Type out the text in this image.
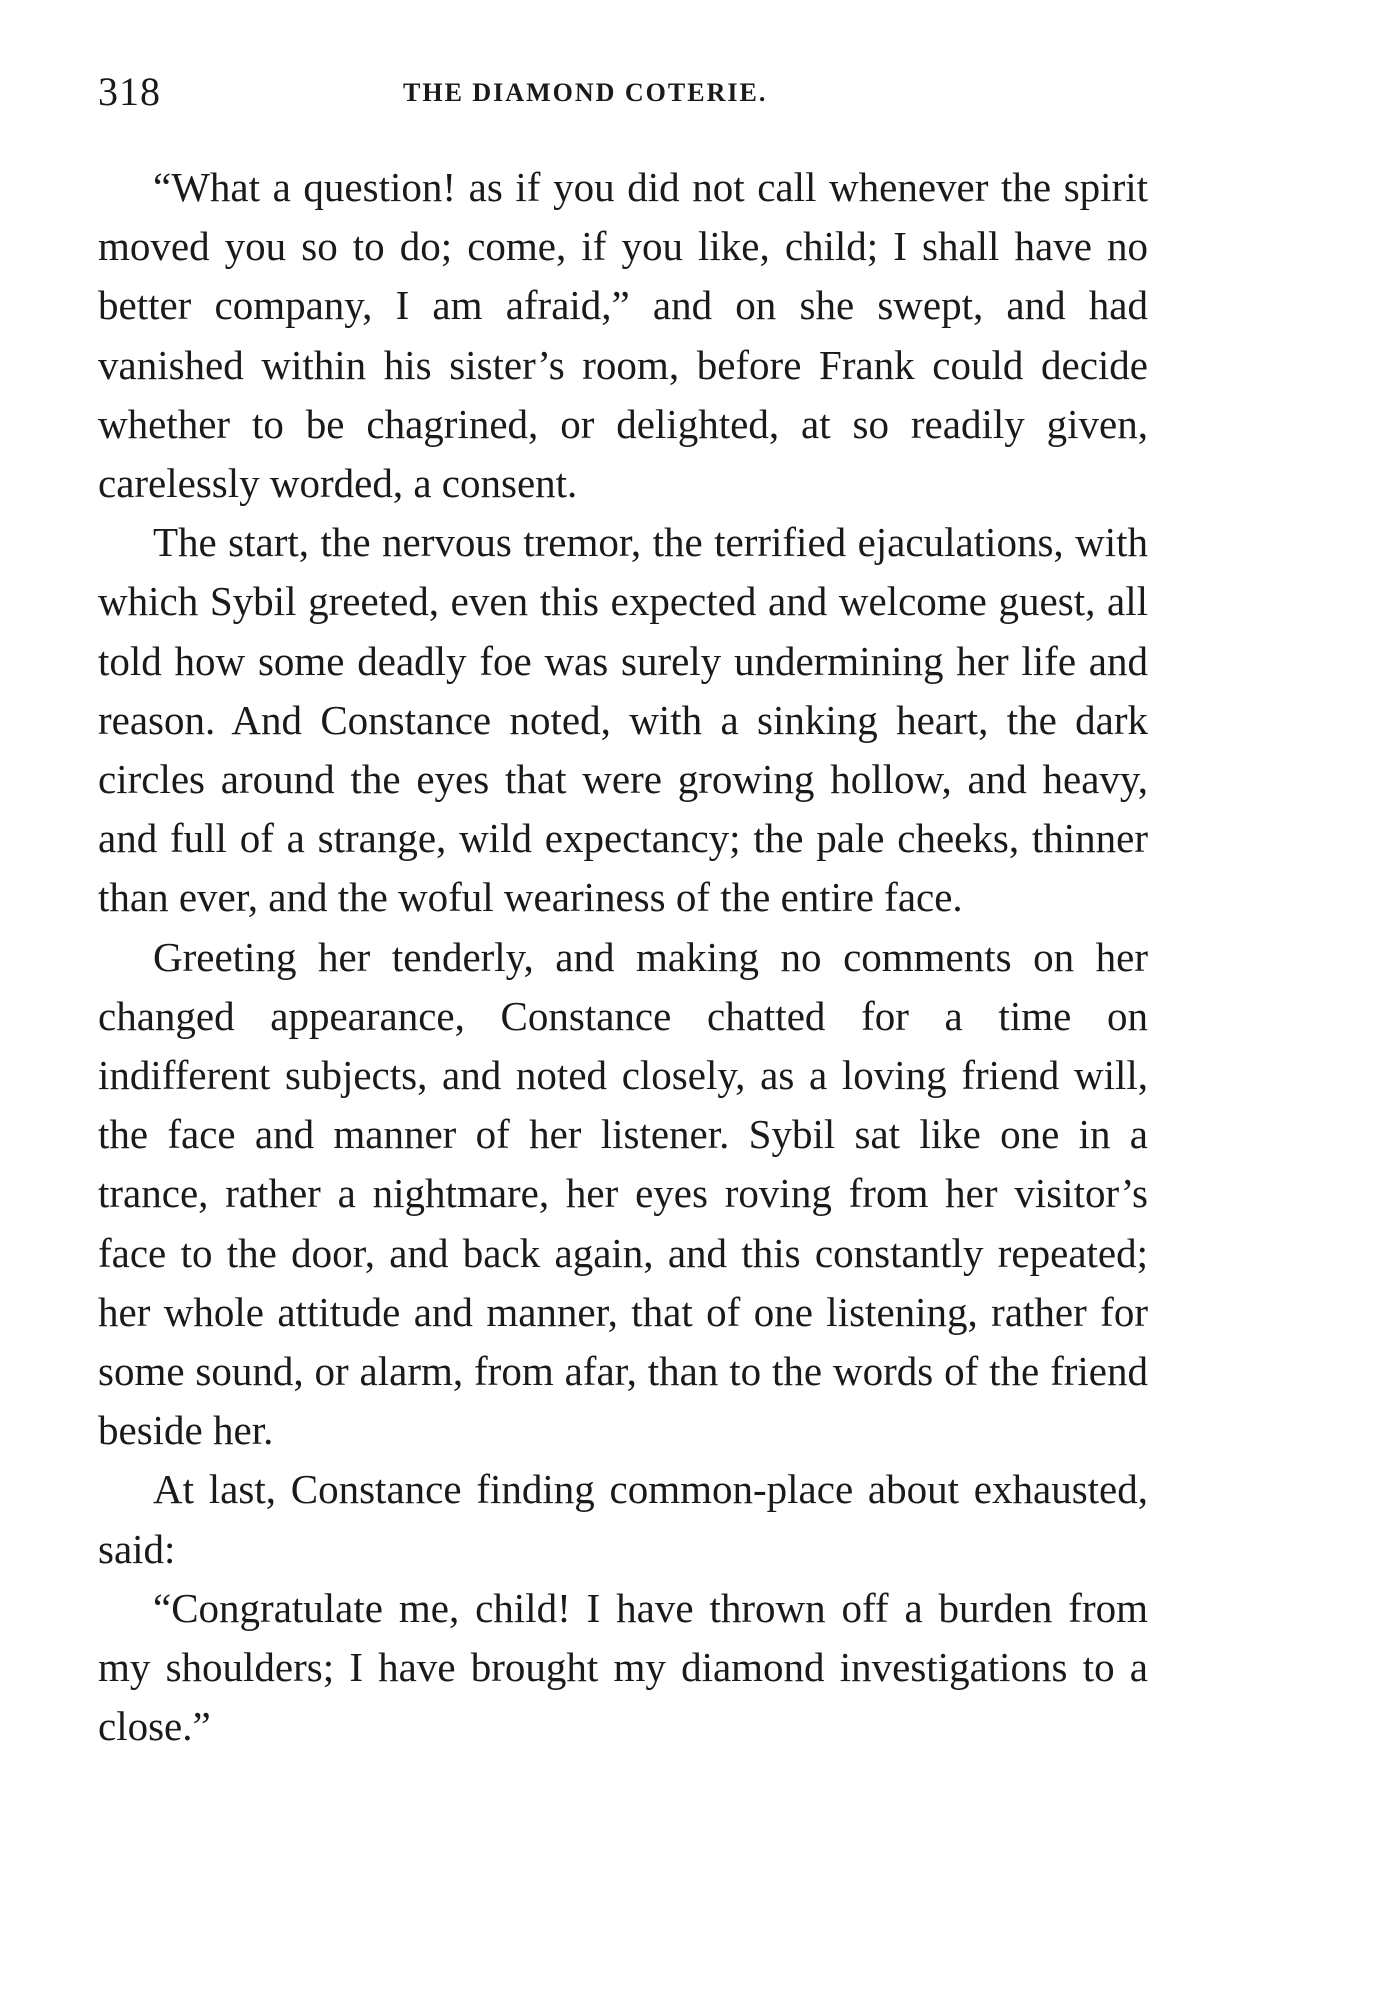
318	THE DIAMOND COTERIE.

“What a question! as if you did not call whenever the spirit moved you so to do; come, if you like, child; I shall have no better company, I am afraid,” and on she swept, and had vanished within his sister’s room, before Frank could decide whether to be chagrined, or delighted, at so readily given, carelessly worded, a consent.

The start, the nervous tremor, the terrified ejaculations, with which Sybil greeted, even this expected and welcome guest, all told how some deadly foe was surely undermining her life and reason. And Constance noted, with a sinking heart, the dark circles around the eyes that were growing hollow, and heavy, and full of a strange, wild expectancy; the pale cheeks, thinner than ever, and the woful weariness of the entire face.

Greeting her tenderly, and making no comments on her changed appearance, Constance chatted for a time on indifferent subjects, and noted closely, as a loving friend will, the face and manner of her listener. Sybil sat like one in a trance, rather a nightmare, her eyes roving from her visitor’s face to the door, and back again, and this constantly repeated; her whole attitude and manner, that of one listening, rather for some sound, or alarm, from afar, than to the words of the friend beside her.

At last, Constance finding common-place about exhausted, said:

“Congratulate me, child! I have thrown off a burden from my shoulders; I have brought my diamond investigations to a close.”
